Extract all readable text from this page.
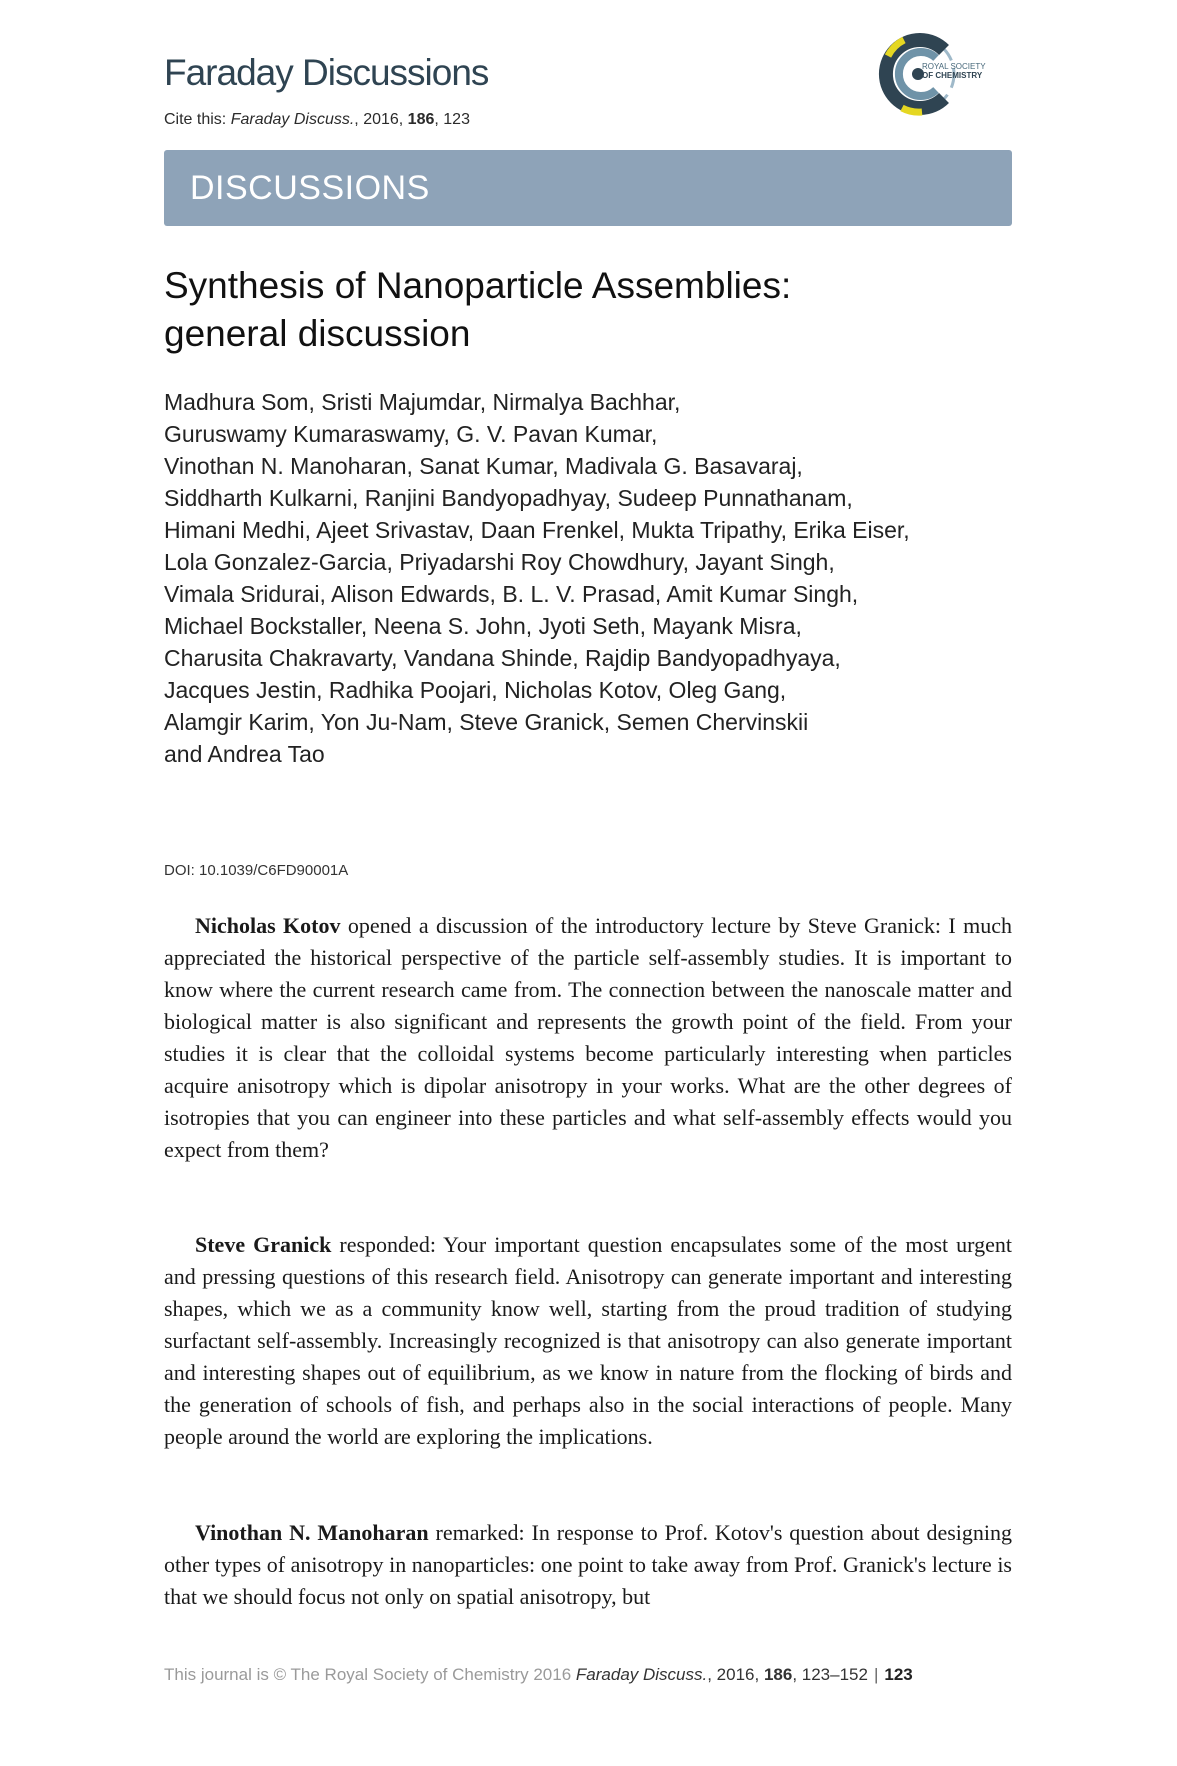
Faraday Discussions
Cite this: Faraday Discuss., 2016, 186, 123
ROYAL SOCIETY
OF CHEMISTRY
DISCUSSIONS
Synthesis of Nanoparticle Assemblies:
general discussion
Madhura Som, Sristi Majumdar, Nirmalya Bachhar,
Guruswamy Kumaraswamy, G. V. Pavan Kumar,
Vinothan N. Manoharan, Sanat Kumar, Madivala G. Basavaraj,
Siddharth Kulkarni, Ranjini Bandyopadhyay, Sudeep Punnathanam,
Himani Medhi, Ajeet Srivastav, Daan Frenkel, Mukta Tripathy, Erika Eiser,
Lola Gonzalez-Garcia, Priyadarshi Roy Chowdhury, Jayant Singh,
Vimala Sridurai, Alison Edwards, B. L. V. Prasad, Amit Kumar Singh,
Michael Bockstaller, Neena S. John, Jyoti Seth, Mayank Misra,
Charusita Chakravarty, Vandana Shinde, Rajdip Bandyopadhyaya,
Jacques Jestin, Radhika Poojari, Nicholas Kotov, Oleg Gang,
Alamgir Karim, Yon Ju-Nam, Steve Granick, Semen Chervinskii
and Andrea Tao
DOI: 10.1039/C6FD90001A

Nicholas Kotov opened a discussion of the introductory lecture by Steve Granick: I much appreciated the historical perspective of the particle self-assembly studies. It is important to know where the current research came from. The connection between the nanoscale matter and biological matter is also significant and represents the growth point of the field. From your studies it is clear that the colloidal systems become particularly interesting when particles acquire anisotropy which is dipolar anisotropy in your works. What are the other degrees of isotropies that you can engineer into these particles and what self-assembly effects would you expect from them?

Steve Granick responded: Your important question encapsulates some of the most urgent and pressing questions of this research field. Anisotropy can generate important and interesting shapes, which we as a community know well, starting from the proud tradition of studying surfactant self-assembly. Increasingly recognized is that anisotropy can also generate important and interesting shapes out of equilibrium, as we know in nature from the flocking of birds and the generation of schools of fish, and perhaps also in the social interactions of people. Many people around the world are exploring the implications.

Vinothan N. Manoharan remarked: In response to Prof. Kotov's question about designing other types of anisotropy in nanoparticles: one point to take away from Prof. Granick's lecture is that we should focus not only on spatial anisotropy, but

This journal is © The Royal Society of Chemistry 2016 Faraday Discuss., 2016, 186, 123–152 | 123
